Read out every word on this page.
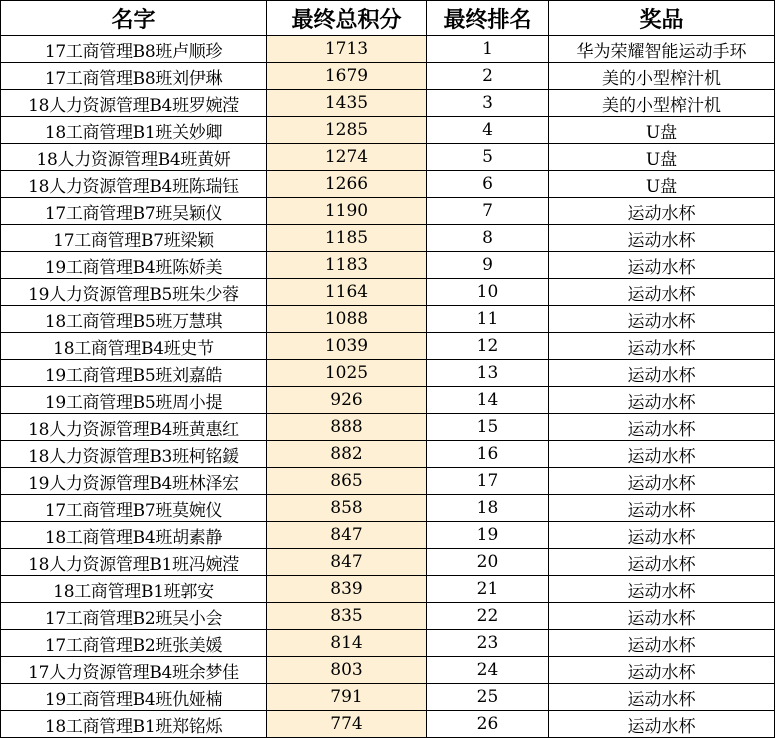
名字	最终总积分	最终排名	奖品
17工商管理B8班卢顺珍	1713	1	华为荣耀智能运动手环
17工商管理B8班刘伊琳	1679	2	美的小型榨汁机
18人力资源管理B4班罗婉滢	1435	3	美的小型榨汁机
18工商管理B1班关妙卿	1285	4	U盘
18人力资源管理B4班黄妍	1274	5	U盘
18人力资源管理B4班陈瑞钰	1266	6	U盘
17工商管理B7班吴颖仪	1190	7	运动水杯
17工商管理B7班梁颖	1185	8	运动水杯
19工商管理B4班陈娇美	1183	9	运动水杯
19人力资源管理B5班朱少蓉	1164	10	运动水杯
18工商管理B5班万慧琪	1088	11	运动水杯
18工商管理B4班史节	1039	12	运动水杯
19工商管理B5班刘嘉皓	1025	13	运动水杯
19工商管理B5班周小提	926	14	运动水杯
18人力资源管理B4班黄惠红	888	15	运动水杯
18人力资源管理B3班柯铭鍰	882	16	运动水杯
19人力资源管理B4班林泽宏	865	17	运动水杯
17工商管理B7班莫婉仪	858	18	运动水杯
18工商管理B4班胡素静	847	19	运动水杯
18人力资源管理B1班冯婉滢	847	20	运动水杯
18工商管理B1班郭安	839	21	运动水杯
17工商管理B2班吴小会	835	22	运动水杯
17工商管理B2班张美媛	814	23	运动水杯
17人力资源管理B4班余梦佳	803	24	运动水杯
19工商管理B4班仇娅楠	791	25	运动水杯
18工商管理B1班郑铭烁	774	26	运动水杯
